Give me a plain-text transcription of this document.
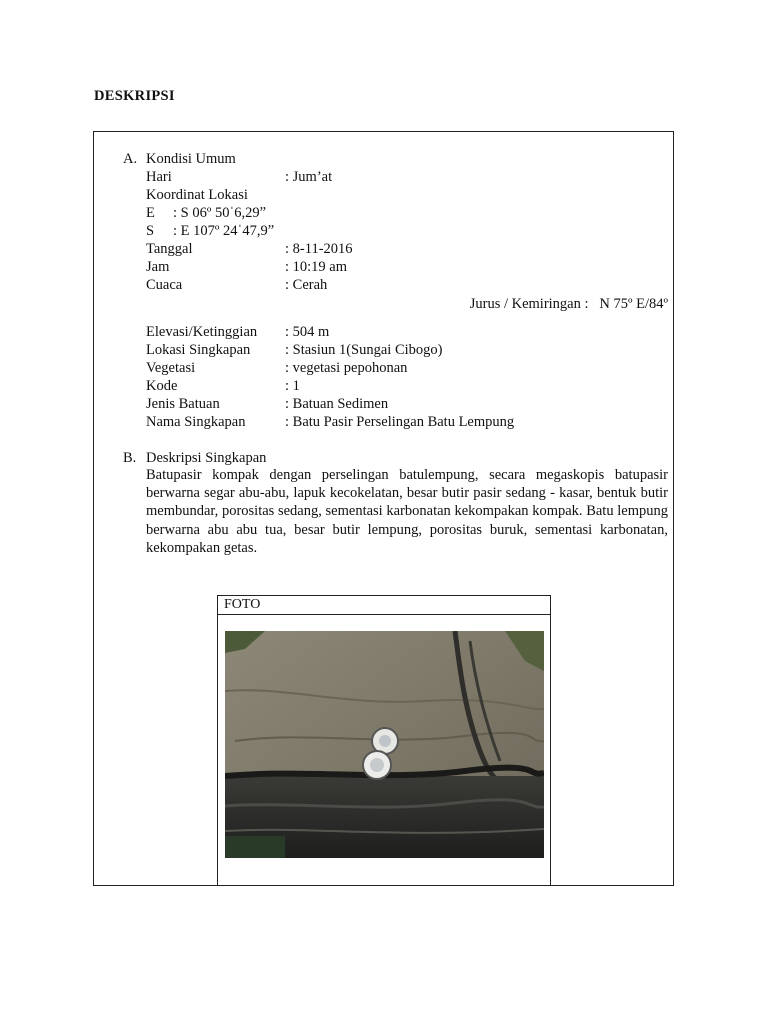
DESKRIPSI
A. Kondisi Umum
Hari	: Jum’at
Koordinat Lokasi
E : S 06º 50ˈ6,29ˮ
S : E 107º 24ˈ47,9ˮ
Tanggal	: 8-11-2016
Jam	: 10:19 am
Cuaca	: Cerah
Jurus / Kemiringan :   N 75º E/84º
Elevasi/Ketinggian : 504 m
Lokasi Singkapan : Stasiun 1(Sungai Cibogo)
Vegetasi	: vegetasi pepohonan
Kode	: 1
Jenis Batuan	: Batuan Sedimen
Nama Singkapan	: Batu Pasir Perselingan Batu Lempung
B. Deskripsi Singkapan
Batupasir kompak dengan perselingan batulempung, secara megaskopis batupasir berwarna segar abu-abu, lapuk kecokelatan, besar butir pasir sedang - kasar, bentuk butir membundar, porositas sedang, sementasi karbonatan kekompakan kompak. Batu lempung berwarna abu abu tua, besar butir lempung, porositas buruk, sementasi karbonatan, kekompakan getas.
FOTO
